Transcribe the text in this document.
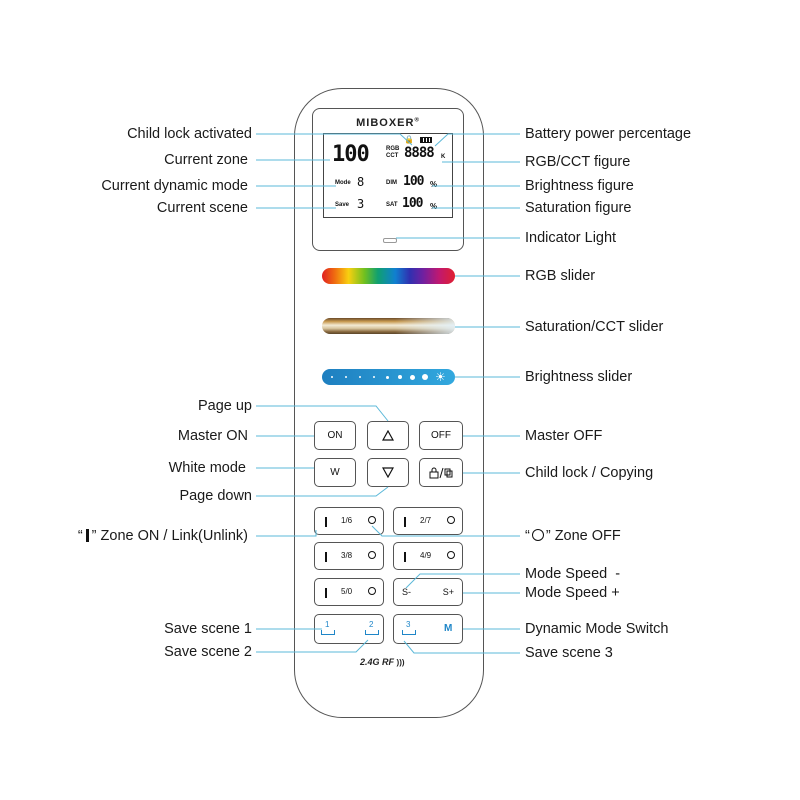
MIBOXER®
🔒
100	RGB
CCT 8888 K
Mode 8	DIM 100 %
Save 3	SAT 100 %
☀
ON	OFF
W
1/6	2/7
3/8	4/9
5/0	S-	S+
1	2	3	M
2.4G RF )))
Child lock activated
Current zone
Current dynamic mode
Current scene
Page up
Master ON
White mode
Page down
“ ” Zone ON / Link(Unlink)
Save scene 1
Save scene 2
Battery power percentage
RGB/CCT figure
Brightness figure
Saturation figure
Indicator Light
RGB slider
Saturation/CCT slider
Brightness slider
Master OFF
Child lock / Copying
“ ” Zone OFF
Mode Speed  -
Mode Speed +
Dynamic Mode Switch
Save scene 3
